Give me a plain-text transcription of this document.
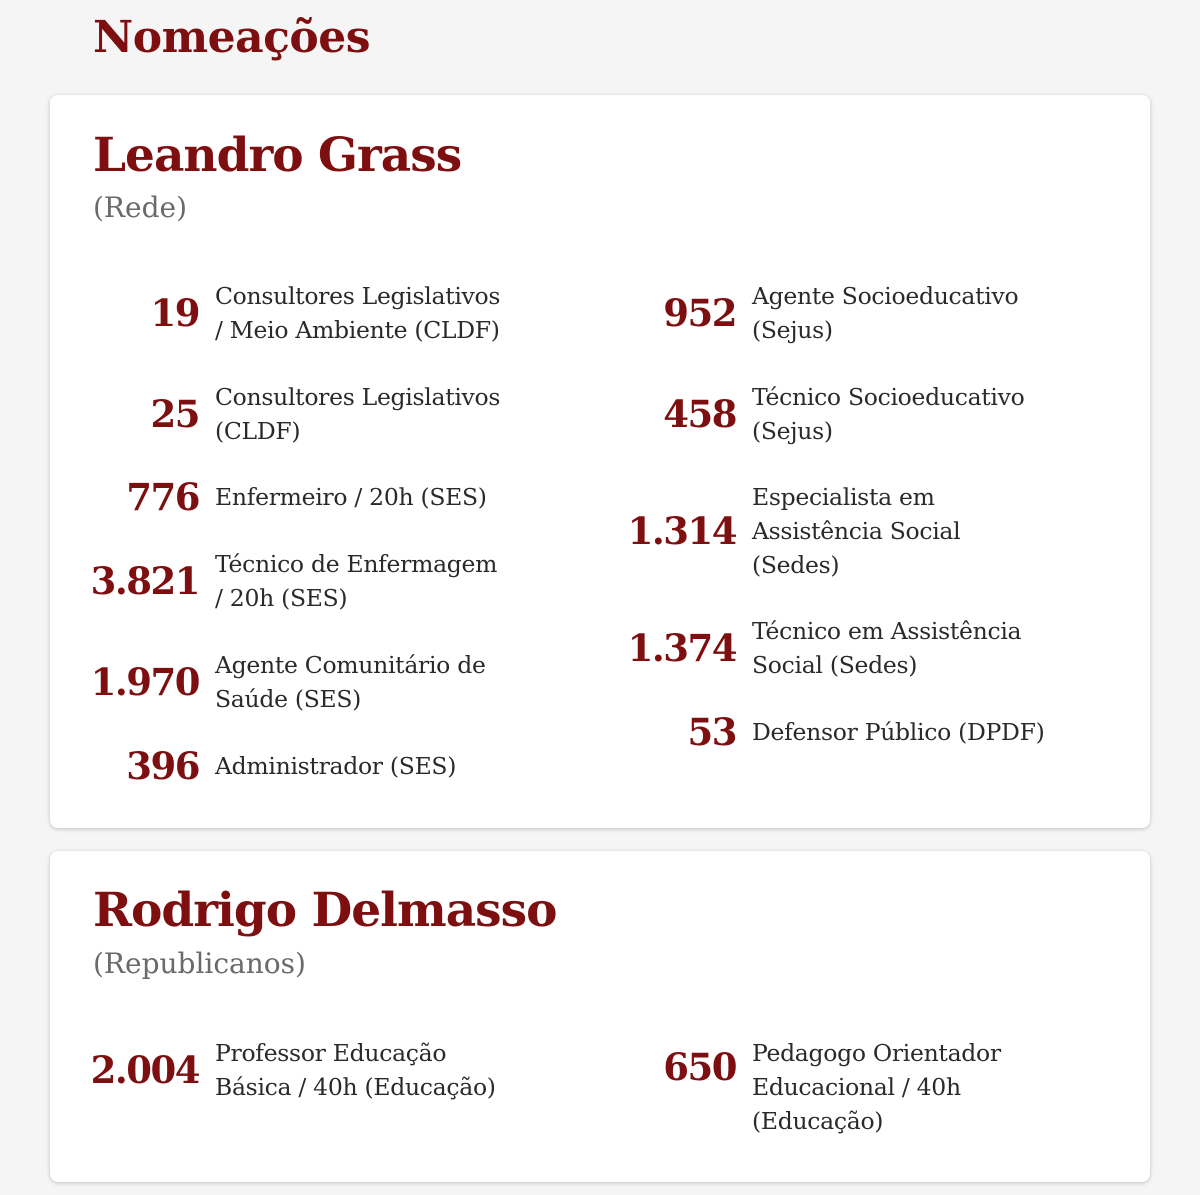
Nomeações
Leandro Grass
(Rede)
19 Consultores Legislativos
/ Meio Ambiente (CLDF)
25 Consultores Legislativos
(CLDF)
776 Enfermeiro / 20h (SES)
3.821 Técnico de Enfermagem
/ 20h (SES)
1.970 Agente Comunitário de
Saúde (SES)
396 Administrador (SES)
952 Agente Socioeducativo
(Sejus)
458 Técnico Socioeducativo
(Sejus)
1.314
Especialista em
Assistência Social
(Sedes)
1.374 Técnico em Assistência
Social (Sedes)
53 Defensor Público (DPDF)
Rodrigo Delmasso
(Republicanos)
2.004 Professor Educação
Básica / 40h (Educação)	650 Pedagogo Orientador
Educacional / 40h
(Educação)
